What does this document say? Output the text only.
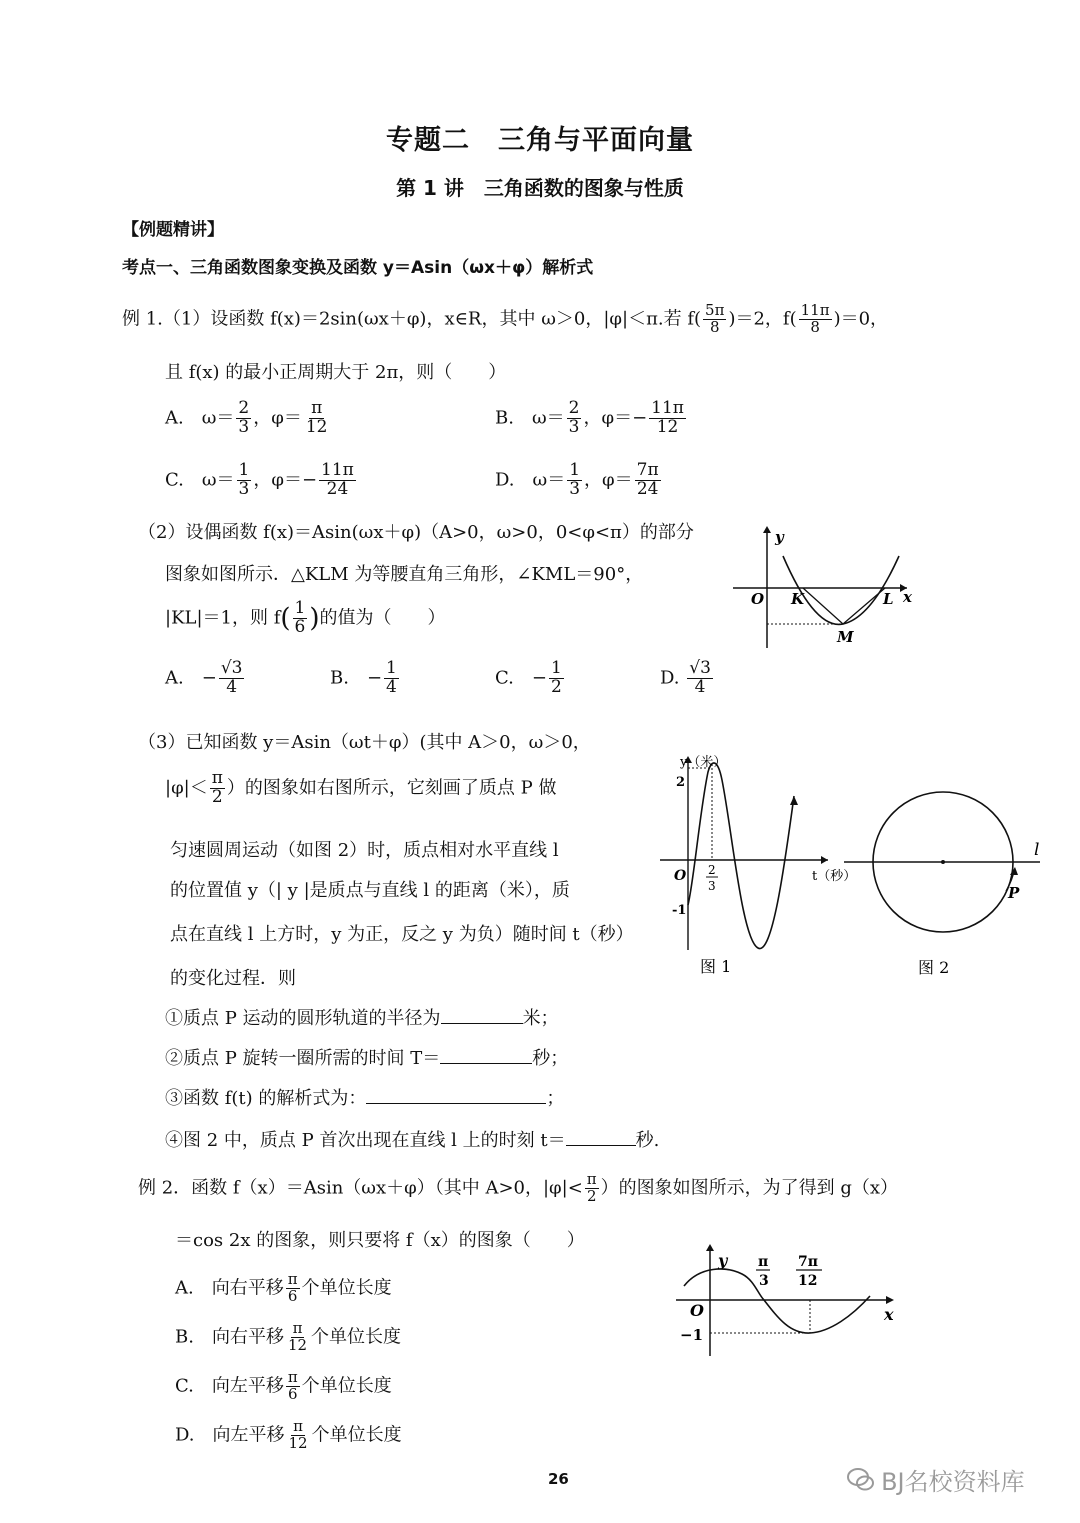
专题二　三角与平面向量
第 1 讲　三角函数的图象与性质
【例题精讲】
考点一、三角函数图象变换及函数 y＝Asin（ωx＋φ）解析式
例 1.（1）设函数 f(x)＝2sin(ωx＋φ)，x∈R，其中 ω＞0，|φ|＜π.若 $f( \frac{5\pi}{8} )=2$，$f( \frac{11\pi}{8} )=0$，
且 f(x) 的最小正周期大于 2π，则（　　）
A.　$\omega= \frac{2}{3}$ ，$\varphi= \frac{\pi}{12}$	B.　$\omega= \frac{2}{3}$ ，$\varphi=- \frac{11\pi}{12}$
C.　$\omega= \frac{1}{3}$ ，$\varphi=- \frac{11\pi}{24}$	D.　$\omega= \frac{1}{3}$ ，$\varphi= \frac{7\pi}{24}$
（2）设偶函数 f(x)＝Asin(ωx＋φ)（A>0，ω>0，0<φ<π）的部分
图象如图所示．△KLM 为等腰直角三角形，∠KML＝90°，
|KL|＝1，则 $f( \frac{1}{6}$ )的值为（　　）
A.　− $\frac{√3}{4}$	B.　− $\frac{1}{4}$	C.　− $\frac{1}{2}$	D. $\frac{√3}{4}$
y
O K	L x
M
（3）已知函数 y＝Asin（ωt＋φ）(其中 A＞0，ω＞0，
$|\varphi|< \frac{\pi}{2}$ ）的图象如右图所示，它刻画了质点 P 做
匀速圆周运动（如图 2）时，质点相对水平直线 l
的位置值 y（| y |是质点与直线 l 的距离（米），质
点在直线 l 上方时，y 为正，反之 y 为负）随时间 t（秒）
的变化过程．则
①质点 P 运动的圆形轨道的半径为	米；
②质点 P 旋转一圈所需的时间 T＝	秒；
③函数 f(t) 的解析式为：	；
④图 2 中，质点 P 首次出现在直线 l 上的时刻 t＝	秒.
y（米）
2
O
-1
2
3
t（秒）
图 1
l
P
图 2
例 2．函数 f（x）＝Asin（ωx＋φ）（其中 A>0，$|\varphi|< \frac{\pi}{2}$ ）的图象如图所示，为了得到 g（x）
＝cos 2x 的图象，则只要将 f（x）的图象（　　）
A.　向右平移 $\frac{\pi}{6}$ 个单位长度
B.　向右平移 $\frac{\pi}{12}$ 个单位长度
C.　向左平移 $\frac{\pi}{6}$ 个单位长度
D.　向左平移 $\frac{\pi}{12}$ 个单位长度
y π
3
7π
12
O	x
−1
26	BJ名校资料库
